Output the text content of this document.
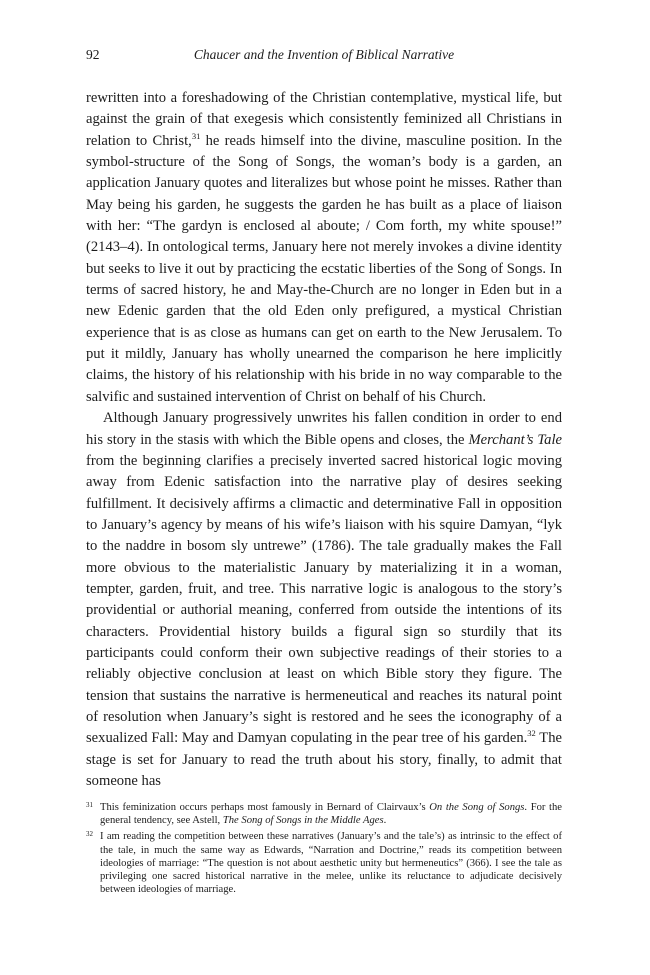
92	Chaucer and the Invention of Biblical Narrative

rewritten into a foreshadowing of the Christian contemplative, mystical life, but against the grain of that exegesis which consistently feminized all Christians in relation to Christ,$^{31}$ he reads himself into the divine, masculine position. In the symbol-structure of the Song of Songs, the woman’s body is a garden, an application January quotes and literalizes but whose point he misses. Rather than May being his garden, he suggests the garden he has built as a place of liaison with her: “The gardyn is enclosed al aboute; / Com forth, my white spouse!” (2143–4). In ontological terms, January here not merely invokes a divine identity but seeks to live it out by practicing the ecstatic liberties of the Song of Songs. In terms of sacred history, he and May-the-Church are no longer in Eden but in a new Edenic garden that the old Eden only prefigured, a mystical Christian experience that is as close as humans can get on earth to the New Jerusalem. To put it mildly, January has wholly unearned the comparison he here implicitly claims, the history of his relationship with his bride in no way comparable to the salvific and sustained intervention of Christ on behalf of his Church.

Although January progressively unwrites his fallen condition in order to end his story in the stasis with which the Bible opens and closes, the Merchant’s Tale from the beginning clarifies a precisely inverted sacred historical logic moving away from Edenic satisfaction into the narrative play of desires seeking fulfillment. It decisively affirms a climactic and determinative Fall in opposition to January’s agency by means of his wife’s liaison with his squire Damyan, “lyk to the naddre in bosom sly untrewe” (1786). The tale gradually makes the Fall more obvious to the materialistic January by materializing it in a woman, tempter, garden, fruit, and tree. This narrative logic is analogous to the story’s providential or authorial meaning, conferred from outside the intentions of its characters. Providential history builds a figural sign so sturdily that its participants could conform their own subjective readings of their stories to a reliably objective conclusion at least on which Bible story they figure. The tension that sustains the narrative is hermeneutical and reaches its natural point of resolution when January’s sight is restored and he sees the iconography of a sexualized Fall: May and Damyan copulating in the pear tree of his garden.$^{32}$ The stage is set for January to read the truth about his story, finally, to admit that someone has

31 This feminization occurs perhaps most famously in Bernard of Clairvaux’s On the Song of Songs. For the general tendency, see Astell, The Song of Songs in the Middle Ages.
32 I am reading the competition between these narratives (January’s and the tale’s) as intrinsic to the effect of the tale, in much the same way as Edwards, “Narration and Doctrine,” reads its competition between ideologies of marriage: “The question is not about aesthetic unity but hermeneutics” (366). I see the tale as privileging one sacred historical narrative in the melee, unlike its reluctance to adjudicate decisively between ideologies of marriage.
